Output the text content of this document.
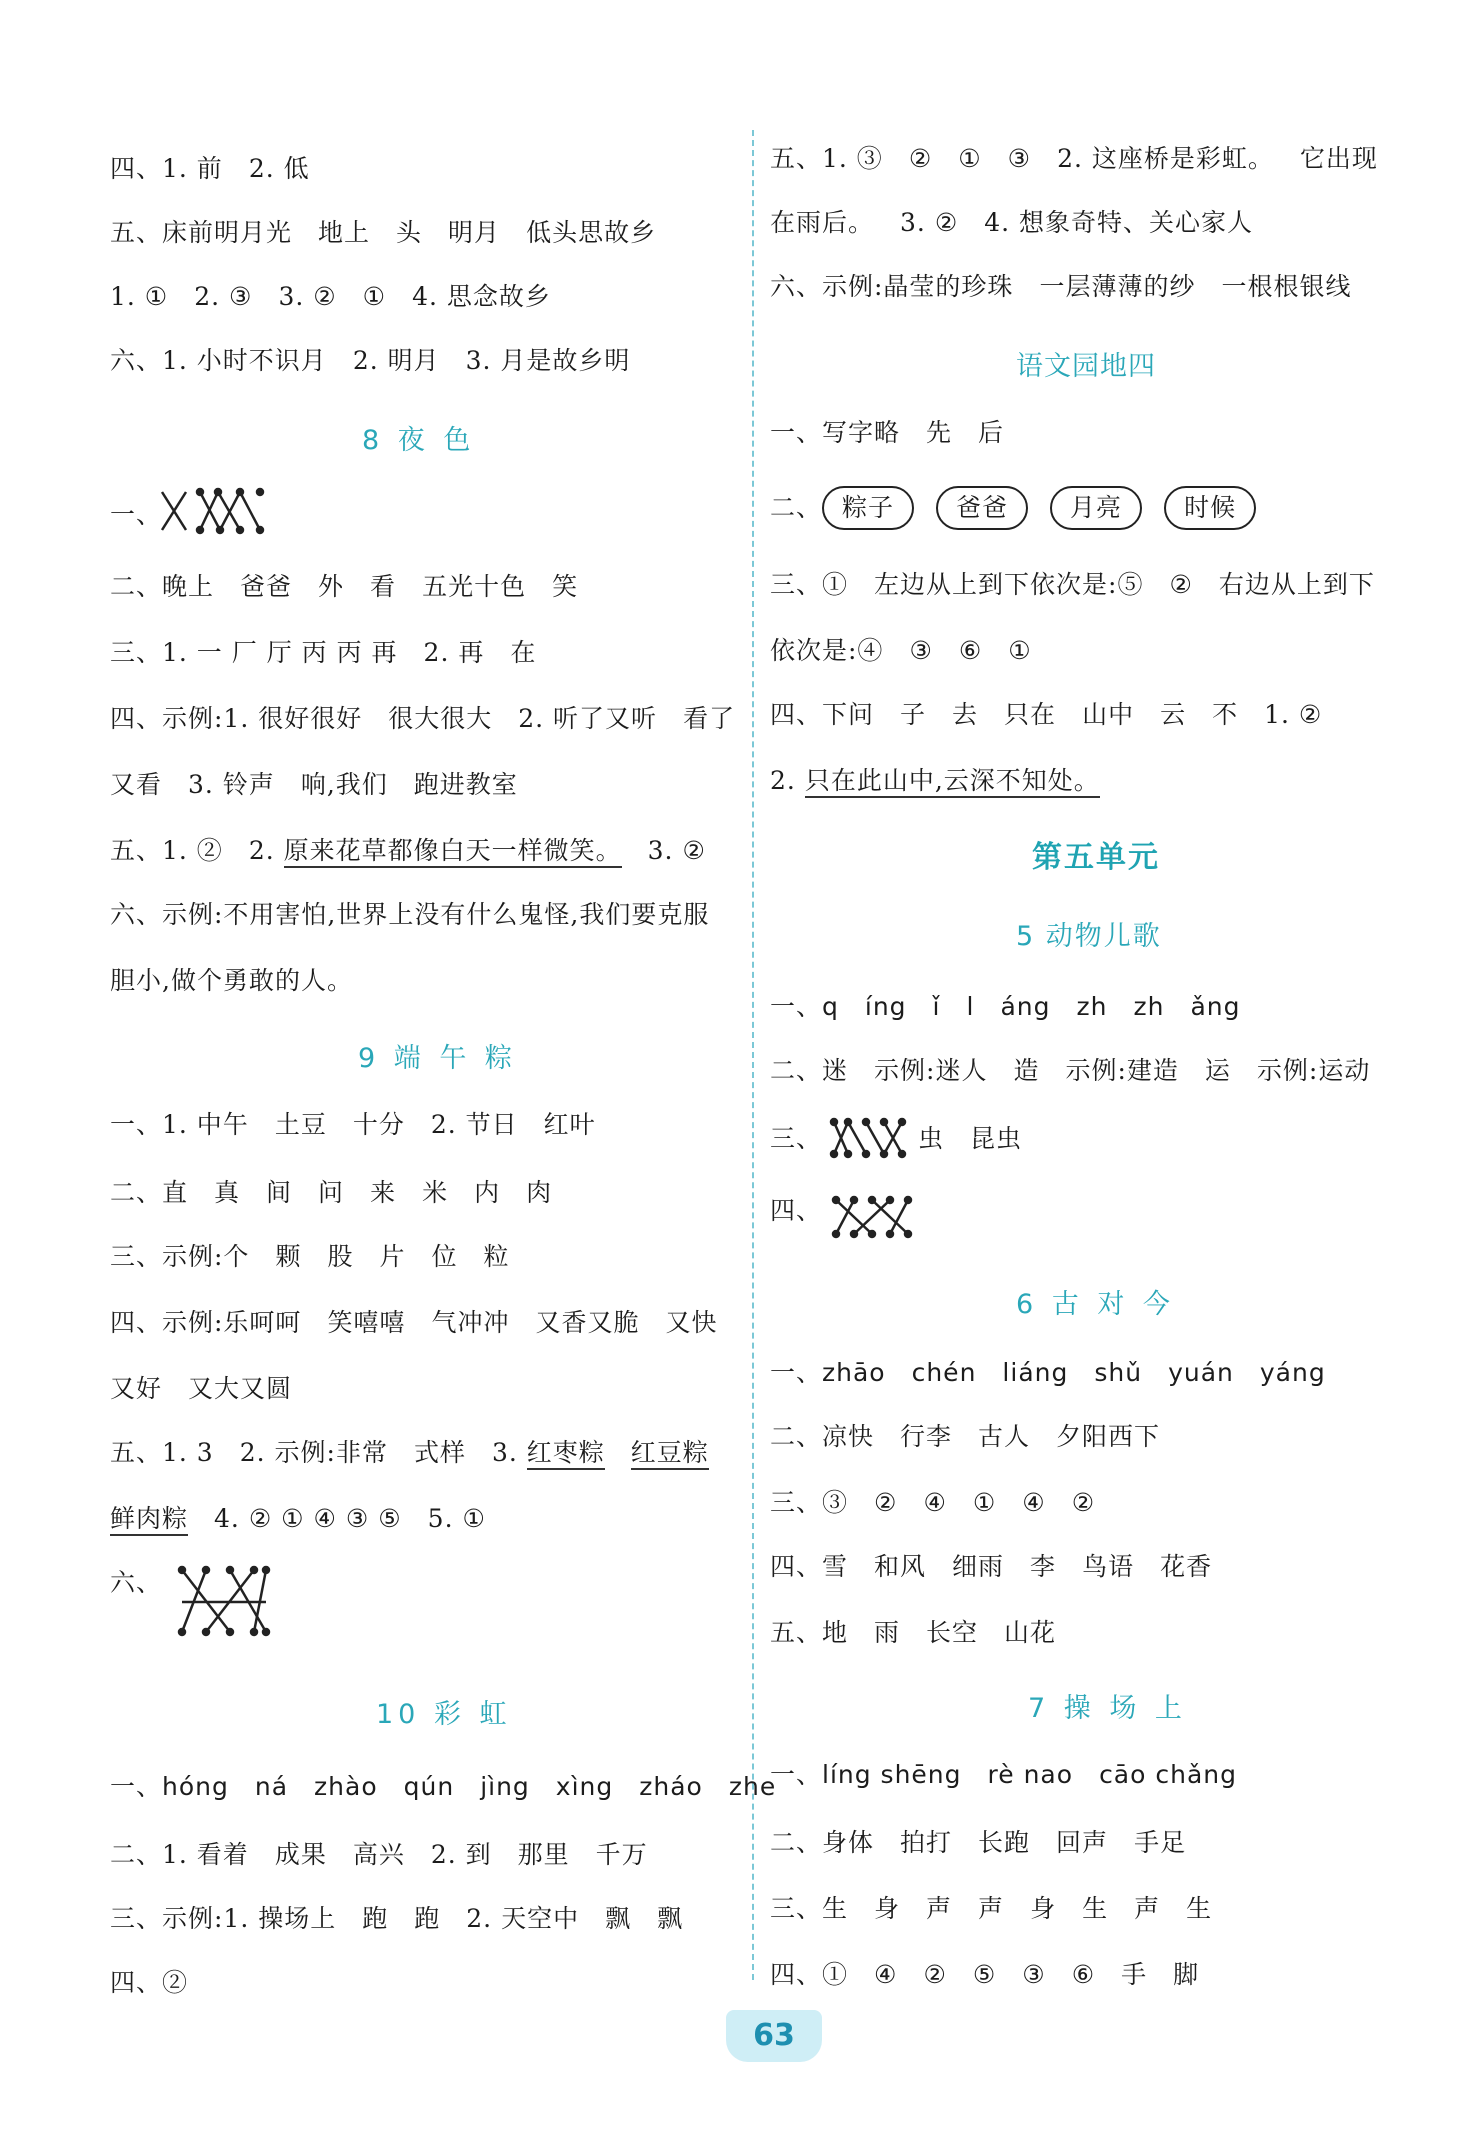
四、1. 前 2. 低
五、床前明月光 地上 头 明月 低头思故乡
1. ① 2. ③ 3. ② ① 4. 思念故乡
六、1. 小时不识月 2. 明月 3. 月是故乡明
8 夜 色
一、
二、晚上 爸爸 外 看 五光十色 笑
三、1. 一 厂 厅 丙 丙 再 2. 再 在
四、示例:1. 很好很好 很大很大 2. 听了又听 看了
又看 3. 铃声 响,我们 跑进教室
五、1. ② 2. 原来花草都像白天一样微笑。 3. ②
六、示例:不用害怕,世界上没有什么鬼怪,我们要克服
胆小,做个勇敢的人。
9 端 午 粽
一、1. 中午 土豆 十分 2. 节日 红叶
二、直 真 间 问 来 米 内 肉
三、示例:个 颗 股 片 位 粒
四、示例:乐呵呵 笑嘻嘻 气冲冲 又香又脆 又快
又好 又大又圆
五、1. 3 2. 示例:非常 式样 3. 红枣粽 红豆粽
鲜肉粽 4. ② ① ④ ③ ⑤ 5. ①
六、
10 彩 虹
一、hóng ná zhào qún jìng xìng zháo zhe
二、1. 看着 成果 高兴 2. 到 那里 千万
三、示例:1. 操场上 跑 跑 2. 天空中 飘 飘
四、②
五、1. ③ ② ① ③ 2. 这座桥是彩虹。 它出现
在雨后。 3. ② 4. 想象奇特、关心家人
六、示例:晶莹的珍珠 一层薄薄的纱 一根根银线
语文园地四
一、写字略 先 后
二、 粽子 爸爸 月亮 时候
三、① 左边从上到下依次是:⑤ ② 右边从上到下
依次是:④ ③ ⑥ ①
四、下问 子 去 只在 山中 云 不 1. ②
2. 只在此山中,云深不知处。
第五单元
5 动物儿歌
一、q íng ǐ l áng zh zh ǎng
二、迷 示例:迷人 造 示例:建造 运 示例:运动
三、	虫 昆虫
四、
6 古 对 今
一、zhāo chén liáng shǔ yuán yáng
二、凉快 行李 古人 夕阳西下
三、③ ② ④ ① ④ ②
四、雪 和风 细雨 李 鸟语 花香
五、地 雨 长空 山花
7 操 场 上
一、líng shēng rè nao cāo chǎng
二、身体 拍打 长跑 回声 手足
三、生 身 声 声 身 生 声 生
四、① ④ ② ⑤ ③ ⑥ 手 脚
63
